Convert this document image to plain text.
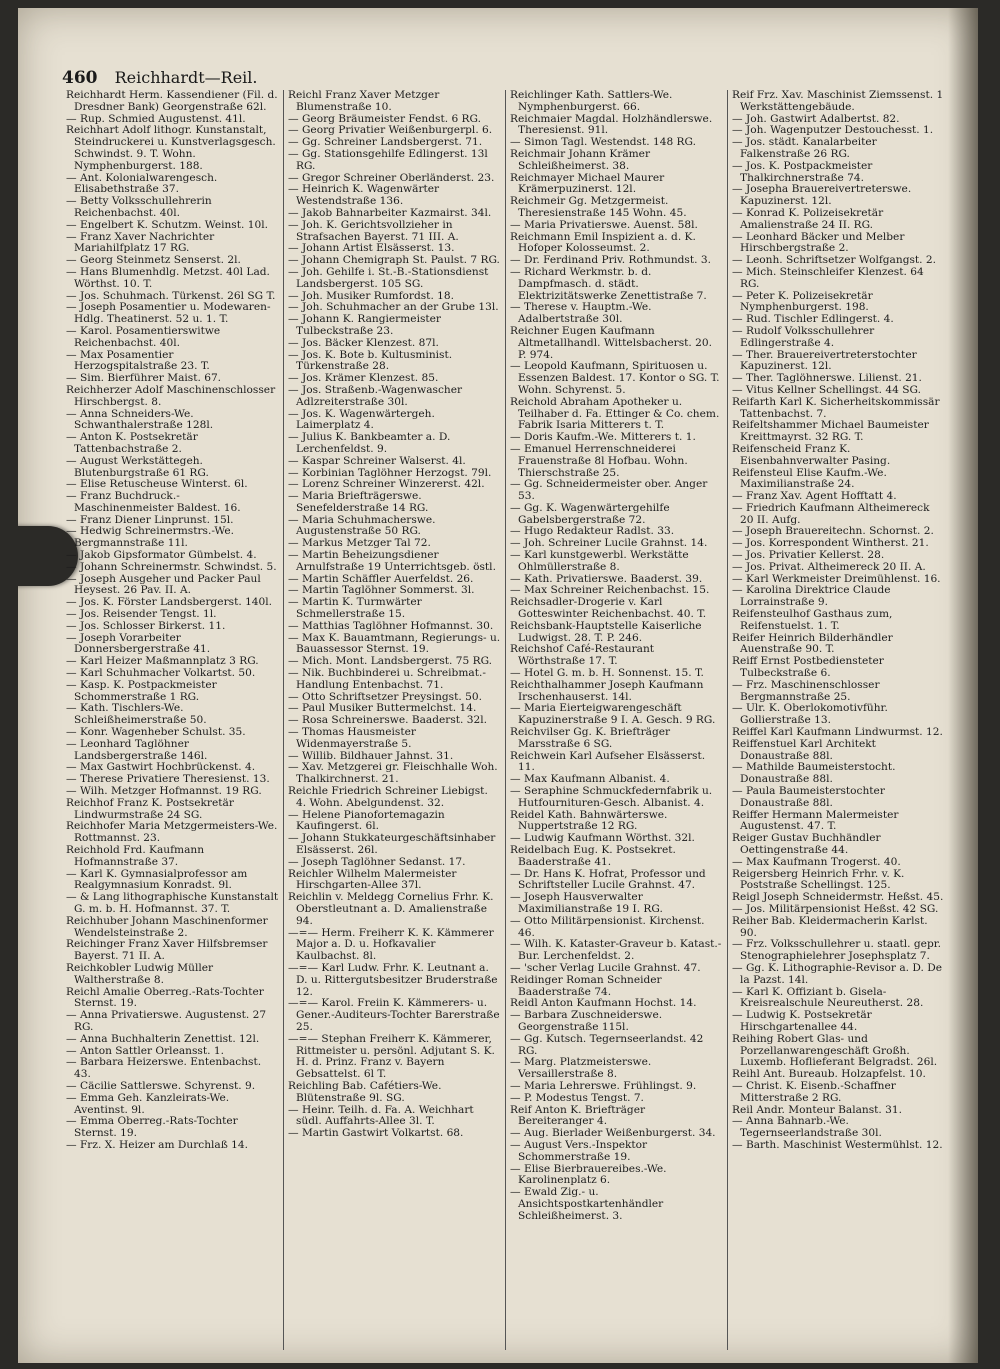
460 Reichhardt—Reil.

Reichhardt Herm. Kassendiener (Fil. d. Dresdner Bank) Georgenstraße 62l.

— Rup. Schmied Augustenst. 41l.

Reichhart Adolf lithogr. Kunstanstalt, Steindruckerei u. Kunstverlagsgesch. Schwindst. 9. T. Wohn. Nymphenburgerst. 188.

— Ant. Kolonialwarengesch. Elisabethstraße 37.

— Betty Volksschullehrerin Reichenbachst. 40l.

— Engelbert K. Schutzm. Weinst. 10l.

— Franz Xaver Nachrichter Mariahilfplatz 17 RG.

— Georg Steinmetz Senserst. 2l.

— Hans Blumenhdlg. Metzst. 40l Lad. Wörthst. 10. T.

— Jos. Schuhmach. Türkenst. 26l SG T.

— Joseph Posamentier u. Modewaren-Hdlg. Theatinerst. 52 u. 1. T.

— Karol. Posamentierswitwe Reichenbachst. 40l.

— Max Posamentier Herzogspitalstraße 23. T.

— Sim. Bierführer Maist. 67.

Reichherzer Adolf Maschinenschlosser Hirschbergst. 8.

— Anna Schneiders-We. Schwanthalerstraße 128l.

— Anton K. Postsekretär Tattenbachstraße 2.

— August Werkstättegeh. Blutenburgstraße 61 RG.

— Elise Retuscheuse Winterst. 6l.

— Franz Buchdruck.-Maschinenmeister Baldest. 16.

— Franz Diener Linprunst. 15l.

— Hedwig Schreinermstrs.-We. Bergmannstraße 11l.

— Jakob Gipsformator Gümbelst. 4.

— Johann Schreinermstr. Schwindst. 5.

— Joseph Ausgeher und Packer Paul Heysest. 26 Pav. II. A.

— Jos. K. Förster Landsbergerst. 140l.

— Jos. Reisender Tengst. 1l.

— Jos. Schlosser Birkerst. 11.

— Joseph Vorarbeiter Donnersbergerstraße 41.

— Karl Heizer Maßmannplatz 3 RG.

— Karl Schuhmacher Volkartst. 50.

— Kasp. K. Postpackmeister Schommerstraße 1 RG.

— Kath. Tischlers-We. Schleißheimerstraße 50.

— Konr. Wagenheber Schulst. 35.

— Leonhard Taglöhner Landsbergerstraße 146l.

— Max Gastwirt Hochbrückenst. 4.

— Therese Privatiere Theresienst. 13.

— Wilh. Metzger Hofmannst. 19 RG.

Reichhof Franz K. Postsekretär Lindwurmstraße 24 SG.

Reichhofer Maria Metzgermeisters-We. Rottmannst. 23.

Reichhold Frd. Kaufmann Hofmannstraße 37.

— Karl K. Gymnasialprofessor am Realgymnasium Konradst. 9l.

— & Lang lithographische Kunstanstalt G. m. b. H. Hofmannst. 37. T.

Reichhuber Johann Maschinenformer Wendelsteinstraße 2.

Reichinger Franz Xaver Hilfsbremser Bayerst. 71 II. A.

Reichkobler Ludwig Müller Waltherstraße 8.

Reichl Amalie Oberreg.-Rats-Tochter Sternst. 19.

— Anna Privatierswe. Augustenst. 27 RG.

— Anna Buchhalterin Zenettist. 12l.

— Anton Sattler Orleansst. 1.

— Barbara Heizerswe. Entenbachst. 43.

— Cäcilie Sattlerswe. Schyrenst. 9.

— Emma Geh. Kanzleirats-We. Aventinst. 9l.

— Emma Oberreg.-Rats-Tochter Sternst. 19.

— Frz. X. Heizer am Durchlaß 14.

Reichl Franz Xaver Metzger Blumenstraße 10.

— Georg Bräumeister Fendst. 6 RG.

— Georg Privatier Weißenburgerpl. 6.

— Gg. Schreiner Landsbergerst. 71.

— Gg. Stationsgehilfe Edlingerst. 13l RG.

— Gregor Schreiner Oberländerst. 23.

— Heinrich K. Wagenwärter Westendstraße 136.

— Jakob Bahnarbeiter Kazmairst. 34l.

— Joh. K. Gerichtsvollzieher in Strafsachen Bayerst. 71 III. A.

— Johann Artist Elsässerst. 13.

— Johann Chemigraph St. Paulst. 7 RG.

— Joh. Gehilfe i. St.-B.-Stationsdienst Landsbergerst. 105 SG.

— Joh. Musiker Rumfordst. 18.

— Joh. Schuhmacher an der Grube 13l.

— Johann K. Rangiermeister Tulbeckstraße 23.

— Jos. Bäcker Klenzest. 87l.

— Jos. K. Bote b. Kultusminist. Türkenstraße 28.

— Jos. Krämer Klenzest. 85.

— Jos. Straßenb.-Wagenwascher Adlzreiterstraße 30l.

— Jos. K. Wagenwärtergeh. Laimerplatz 4.

— Julius K. Bankbeamter a. D. Lerchenfeldst. 9.

— Kaspar Schreiner Walserst. 4l.

— Korbinian Taglöhner Herzogst. 79l.

— Lorenz Schreiner Winzererst. 42l.

— Maria Briefträgerswe. Senefelderstraße 14 RG.

— Maria Schuhmacherswe. Augustenstraße 50 RG.

— Markus Metzger Tal 72.

— Martin Beheizungsdiener Arnulfstraße 19 Unterrichtsgeb. östl.

— Martin Schäffler Auerfeldst. 26.

— Martin Taglöhner Sommerst. 3l.

— Martin K. Turmwärter Schmellerstraße 15.

— Matthias Taglöhner Hofmannst. 30.

— Max K. Bauamtmann, Regierungs- u. Bauassessor Sternst. 19.

— Mich. Mont. Landsbergerst. 75 RG.

— Nik. Buchbinderei u. Schreibmat.-Handlung Entenbachst. 71.

— Otto Schriftsetzer Preysingst. 50.

— Paul Musiker Buttermelchst. 14.

— Rosa Schreinerswe. Baaderst. 32l.

— Thomas Hausmeister Widenmayerstraße 5.

— Willib. Bildhauer Jahnst. 31.

— Xav. Metzgerei gr. Fleischhalle Woh. Thalkirchnerst. 21.

Reichle Friedrich Schreiner Liebigst. 4. Wohn. Abelgundenst. 32.

— Helene Pianofortemagazin Kaufingerst. 6l.

— Johann Stukkateurgeschäftsinhaber Elsässerst. 26l.

— Joseph Taglöhner Sedanst. 17.

Reichler Wilhelm Malermeister Hirschgarten-Allee 37l.

Reichlin v. Meldegg Cornelius Frhr. K. Oberstleutnant a. D. Amalienstraße 94.

—=— Herm. Freiherr K. K. Kämmerer Major a. D. u. Hofkavalier Kaulbachst. 8l.

—=— Karl Ludw. Frhr. K. Leutnant a. D. u. Rittergutsbesitzer Bruderstraße 12.

—=— Karol. Freiin K. Kämmerers- u. Gener.-Auditeurs-Tochter Barerstraße 25.

—=— Stephan Freiherr K. Kämmerer, Rittmeister u. persönl. Adjutant S. K. H. d. Prinz. Franz v. Bayern Gebsattelst. 6l T.

Reichling Bab. Cafétiers-We. Blütenstraße 9l. SG.

— Heinr. Teilh. d. Fa. A. Weichhart südl. Auffahrts-Allee 3l. T.

— Martin Gastwirt Volkartst. 68.

Reichlinger Kath. Sattlers-We. Nymphenburgerst. 66.

Reichmaier Magdal. Holzhändlerswe. Theresienst. 91l.

— Simon Tagl. Westendst. 148 RG.

Reichmair Johann Krämer Schleißheimerst. 38.

Reichmayer Michael Maurer Krämerpuzinerst. 12l.

Reichmeir Gg. Metzgermeist. Theresienstraße 145 Wohn. 45.

— Maria Privatierswe. Auenst. 58l.

Reichmann Emil Inspizient a. d. K. Hofoper Kolosseumst. 2.

— Dr. Ferdinand Priv. Rothmundst. 3.

— Richard Werkmstr. b. d. Dampfmasch. d. städt. Elektrizitätswerke Zenettistraße 7.

— Therese v. Hauptm.-We. Adalbertstraße 30l.

Reichner Eugen Kaufmann Altmetallhandl. Wittelsbacherst. 20. P. 974.

— Leopold Kaufmann, Spirituosen u. Essenzen Baldest. 17. Kontor o SG. T. Wohn. Schyrenst. 5.

Reichold Abraham Apotheker u. Teilhaber d. Fa. Ettinger & Co. chem. Fabrik Isaria Mitterers t. T.

— Doris Kaufm.-We. Mitterers t. 1.

— Emanuel Herrenschneiderei Frauenstraße 8l Hofbau. Wohn. Thierschstraße 25.

— Gg. Schneidermeister ober. Anger 53.

— Gg. K. Wagenwärtergehilfe Gabelsbergerstraße 72.

— Hugo Redakteur Radlst. 33.

— Joh. Schreiner Lucile Grahnst. 14.

— Karl kunstgewerbl. Werkstätte Ohlmüllerstraße 8.

— Kath. Privatierswe. Baaderst. 39.

— Max Schreiner Reichenbachst. 15.

Reichsadler-Drogerie v. Karl Gotteswinter Reichenbachst. 40. T.

Reichsbank-Hauptstelle Kaiserliche Ludwigst. 28. T. P. 246.

Reichshof Café-Restaurant Wörthstraße 17. T.

— Hotel G. m. b. H. Sonnenst. 15. T.

Reichthalhammer Joseph Kaufmann Irschenhauserst. 14l.

— Maria Eierteigwarengeschäft Kapuzinerstraße 9 I. A. Gesch. 9 RG.

Reichvilser Gg. K. Briefträger Marsstraße 6 SG.

Reichwein Karl Aufseher Elsässerst. 11.

— Max Kaufmann Albanist. 4.

— Seraphine Schmuckfedernfabrik u. Hutfournituren-Gesch. Albanist. 4.

Reidel Kath. Bahnwärterswe. Nuppertstraße 12 RG.

— Ludwig Kaufmann Wörthst. 32l.

Reidelbach Eug. K. Postsekret. Baaderstraße 41.

— Dr. Hans K. Hofrat, Professor und Schriftsteller Lucile Grahnst. 47.

— Joseph Hausverwalter Maximilianstraße 19 I. RG.

— Otto Militärpensionist. Kirchenst. 46.

— Wilh. K. Kataster-Graveur b. Katast.-Bur. Lerchenfeldst. 2.

— 'scher Verlag Lucile Grahnst. 47.

Reidinger Roman Schneider Baaderstraße 74.

Reidl Anton Kaufmann Hochst. 14.

— Barbara Zuschneiderswe. Georgenstraße 115l.

— Gg. Kutsch. Tegernseerlandst. 42 RG.

— Marg. Platzmeisterswe. Versaillerstraße 8.

— Maria Lehrerswe. Frühlingst. 9.

— P. Modestus Tengst. 7.

Reif Anton K. Briefträger Bereiteranger 4.

— Aug. Bierlader Weißenburgerst. 34.

— August Vers.-Inspektor Schommerstraße 19.

— Elise Bierbrauereibes.-We. Karolinenplatz 6.

— Ewald Zig.- u. Ansichtspostkartenhändler Schleißheimerst. 3.

Reif Frz. Xav. Maschinist Ziemssenst. 1 Werkstättengebäude.

— Joh. Gastwirt Adalbertst. 82.

— Joh. Wagenputzer Destouchesst. 1.

— Jos. städt. Kanalarbeiter Falkenstraße 26 RG.

— Jos. K. Postpackmeister Thalkirchnerstraße 74.

— Josepha Brauereivertreterswe. Kapuzinerst. 12l.

— Konrad K. Polizeisekretär Amalienstraße 24 II. RG.

— Leonhard Bäcker und Melber Hirschbergstraße 2.

— Leonh. Schriftsetzer Wolfgangst. 2.

— Mich. Steinschleifer Klenzest. 64 RG.

— Peter K. Polizeisekretär Nymphenburgerst. 198.

— Rud. Tischler Edlingerst. 4.

— Rudolf Volksschullehrer Edlingerstraße 4.

— Ther. Brauereivertreterstochter Kapuzinerst. 12l.

— Ther. Taglöhnerswe. Lilienst. 21.

— Vitus Kellner Schellingst. 44 SG.

Reifarth Karl K. Sicherheitskommissär Tattenbachst. 7.

Reifeltshammer Michael Baumeister Kreittmayrst. 32 RG. T.

Reifenscheid Franz K. Eisenbahnverwalter Pasing.

Reifensteul Elise Kaufm.-We. Maximilianstraße 24.

— Franz Xav. Agent Hofftatt 4.

— Friedrich Kaufmann Altheimereck 20 II. Aufg.

— Joseph Brauereitechn. Schornst. 2.

— Jos. Korrespondent Wintherst. 21.

— Jos. Privatier Kellerst. 28.

— Jos. Privat. Altheimereck 20 II. A.

— Karl Werkmeister Dreimühlenst. 16.

— Karolina Direktrice Claude Lorrainstraße 9.

Reifensteulhof Gasthaus zum, Reifenstuelst. 1. T.

Reifer Heinrich Bilderhändler Auenstraße 90. T.

Reiff Ernst Postbediensteter Tulbeckstraße 6.

— Frz. Maschinenschlosser Bergmannstraße 25.

— Ulr. K. Oberlokomotivführ. Gollierstraße 13.

Reiffel Karl Kaufmann Lindwurmst. 12.

Reiffenstuel Karl Architekt Donaustraße 88l.

— Mathilde Baumeisterstocht. Donaustraße 88l.

— Paula Baumeisterstochter Donaustraße 88l.

Reiffer Hermann Malermeister Augustenst. 47. T.

Reiger Gustav Buchhändler Oettingenstraße 44.

— Max Kaufmann Trogerst. 40.

Reigersberg Heinrich Frhr. v. K. Poststraße Schellingst. 125.

Reigl Joseph Schneidermstr. Heßst. 45.

— Jos. Militärpensionist Heßst. 42 SG.

Reiher Bab. Kleidermacherin Karlst. 90.

— Frz. Volksschullehrer u. staatl. gepr. Stenographielehrer Josephsplatz 7.

— Gg. K. Lithographie-Revisor a. D. De la Pazst. 14l.

— Karl K. Offiziant b. Gisela-Kreisrealschule Neureutherst. 28.

— Ludwig K. Postsekretär Hirschgartenallee 44.

Reihing Robert Glas- und Porzellanwarengeschäft Großh. Luxemb. Hoflieferant Belgradst. 26l.

Reihl Ant. Bureaub. Holzapfelst. 10.

— Christ. K. Eisenb.-Schaffner Mitterstraße 2 RG.

Reil Andr. Monteur Balanst. 31.

— Anna Bahnarb.-We. Tegernseerlandstraße 30l.

— Barth. Maschinist Westermühlst. 12.
